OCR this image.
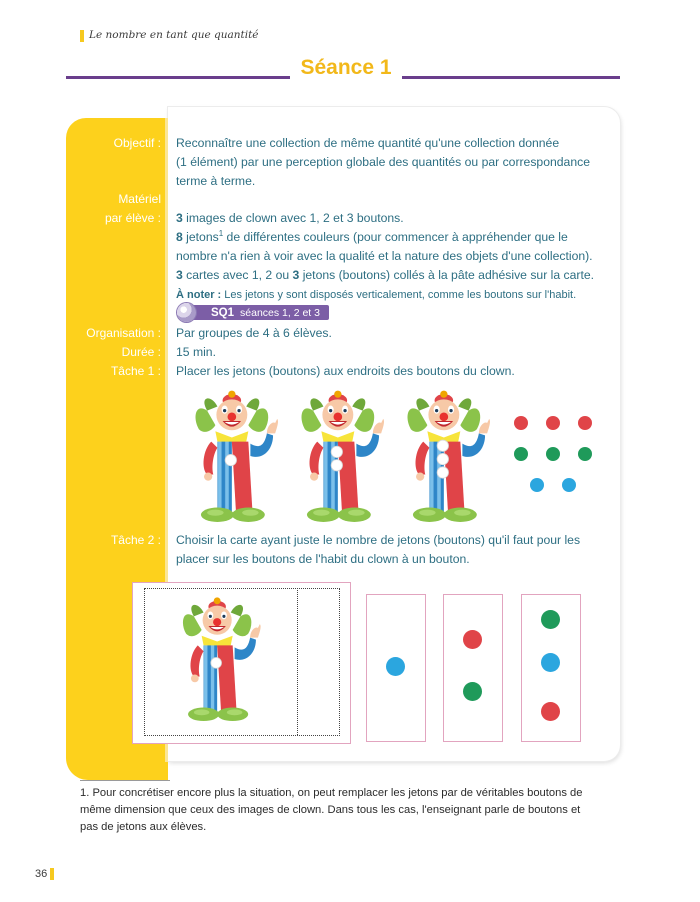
Le nombre en tant que quantité
Séance 1
Objectif :
Matériel
par élève :
Organisation :
Durée :
Tâche 1 :
Tâche 2 :
Reconnaître une collection de même quantité qu'une collection donnée
(1 élément) par une perception globale des quantités ou par correspondance
terme à terme.
3 images de clown avec 1, 2 et 3 boutons.
8 jetons$^1$ de différentes couleurs (pour commencer à appréhender que le
nombre n'a rien à voir avec la qualité et la nature des objets d'une collection).
3 cartes avec 1, 2 ou 3 jetons (boutons) collés à la pâte adhésive sur la carte.
À noter : Les jetons y sont disposés verticalement, comme les boutons sur l'habit.
SQ1 séances 1, 2 et 3
Par groupes de 4 à 6 élèves.
15 min.
Placer les jetons (boutons) aux endroits des boutons du clown.
Choisir la carte ayant juste le nombre de jetons (boutons) qu'il faut pour les
placer sur les boutons de l'habit du clown à un bouton.
1. Pour concrétiser encore plus la situation, on peut remplacer les jetons par de véritables boutons de
même dimension que ceux des images de clown. Dans tous les cas, l'enseignant parle de boutons et
pas de jetons aux élèves.
36
